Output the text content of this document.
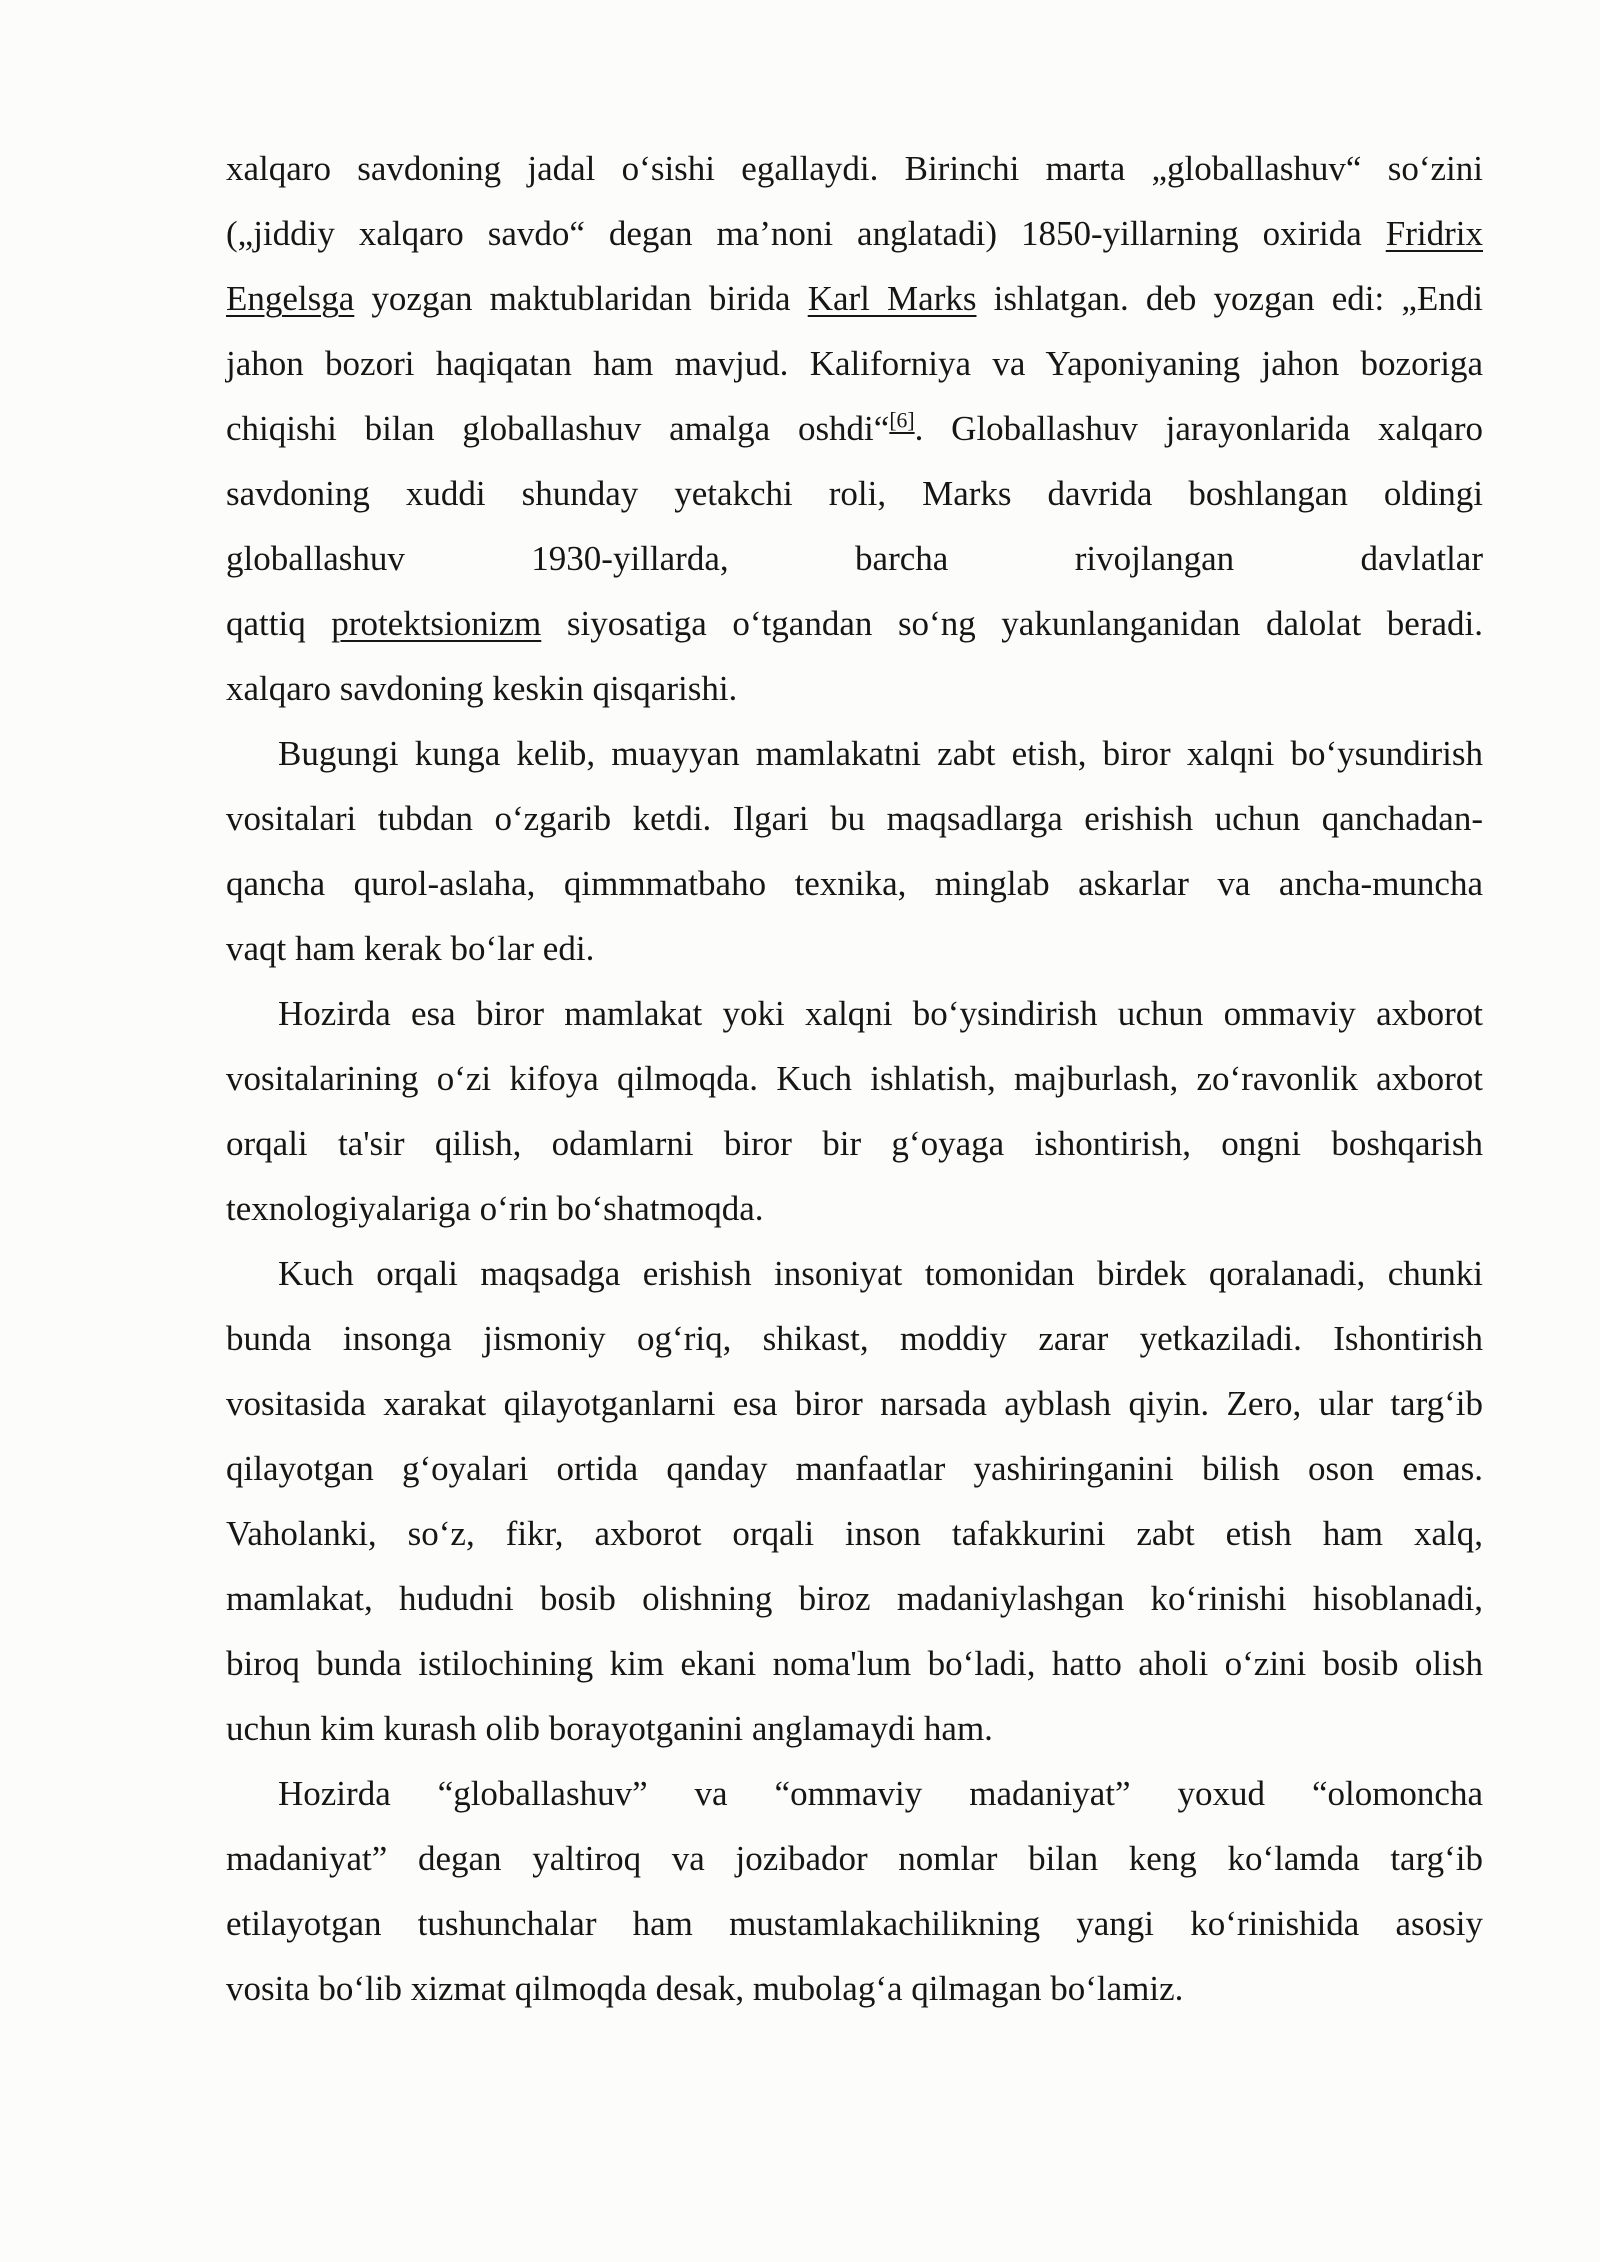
xalqaro savdoning jadal o‘sishi egallaydi. Birinchi marta „globallashuv“ so‘zini
(„jiddiy xalqaro savdo“ degan ma’noni anglatadi) 1850-yillarning oxirida Fridrix
Engelsga yozgan maktublaridan birida Karl Marks ishlatgan. deb yozgan edi: „Endi
jahon bozori haqiqatan ham mavjud. Kaliforniya va Yaponiyaning jahon bozoriga
chiqishi bilan globallashuv amalga oshdi“[6]. Globallashuv jarayonlarida xalqaro
savdoning xuddi shunday yetakchi roli, Marks davrida boshlangan oldingi
globallashuv 1930-yillarda, barcha rivojlangan davlatlar
qattiq protektsionizm siyosatiga o‘tgandan so‘ng yakunlanganidan dalolat beradi.
xalqaro savdoning keskin qisqarishi.
Bugungi kunga kelib, muayyan mamlakatni zabt etish, biror xalqni bo‘ysundirish
vositalari tubdan o‘zgarib ketdi. Ilgari bu maqsadlarga erishish uchun qanchadan-
qancha qurol-aslaha, qimmmatbaho texnika, minglab askarlar va ancha-muncha
vaqt ham kerak bo‘lar edi.
Hozirda esa biror mamlakat yoki xalqni bo‘ysindirish uchun ommaviy axborot
vositalarining o‘zi kifoya qilmoqda. Kuch ishlatish, majburlash, zo‘ravonlik axborot
orqali ta'sir qilish, odamlarni biror bir g‘oyaga ishontirish, ongni boshqarish
texnologiyalariga o‘rin bo‘shatmoqda.
Kuch orqali maqsadga erishish insoniyat tomonidan birdek qoralanadi, chunki
bunda insonga jismoniy og‘riq, shikast, moddiy zarar yetkaziladi. Ishontirish
vositasida xarakat qilayotganlarni esa biror narsada ayblash qiyin. Zero, ular targ‘ib
qilayotgan g‘oyalari ortida qanday manfaatlar yashiringanini bilish oson emas.
Vaholanki, so‘z, fikr, axborot orqali inson tafakkurini zabt etish ham xalq,
mamlakat, hududni bosib olishning biroz madaniylashgan ko‘rinishi hisoblanadi,
biroq bunda istilochining kim ekani noma'lum bo‘ladi, hatto aholi o‘zini bosib olish
uchun kim kurash olib borayotganini anglamaydi ham.
Hozirda “globallashuv” va “ommaviy madaniyat” yoxud “olomoncha
madaniyat” degan yaltiroq va jozibador nomlar bilan keng ko‘lamda targ‘ib
etilayotgan tushunchalar ham mustamlakachilikning yangi ko‘rinishida asosiy
vosita bo‘lib xizmat qilmoqda desak, mubolag‘a qilmagan bo‘lamiz.
